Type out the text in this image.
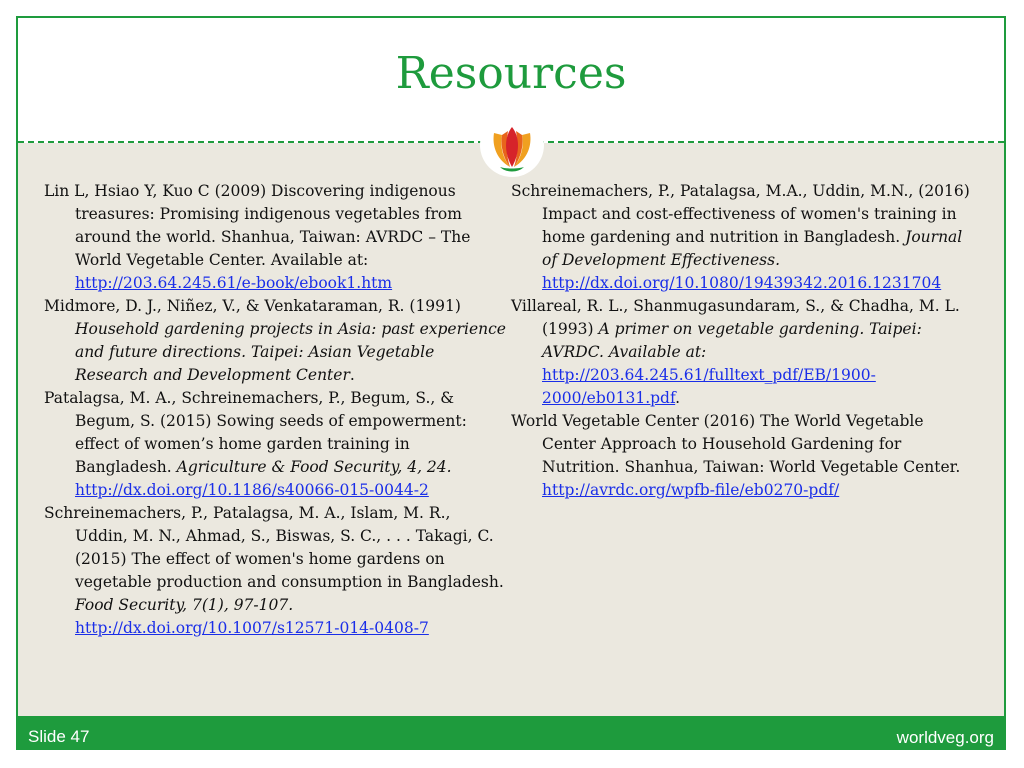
Resources

Lin L, Hsiao Y, Kuo C (2009) Discovering indigenous treasures: Promising indigenous vegetables from around the world. Shanhua, Taiwan: AVRDC – The World Vegetable Center. Available at: http://203.64.245.61/e-book/ebook1.htm

Midmore, D. J., Niñez, V., & Venkataraman, R. (1991) Household gardening projects in Asia: past experience and future directions. Taipei: Asian Vegetable Research and Development Center.

Patalagsa, M. A., Schreinemachers, P., Begum, S., & Begum, S. (2015) Sowing seeds of empowerment: effect of women’s home garden training in Bangladesh. Agriculture & Food Security, 4, 24. http://dx.doi.org/10.1186/s40066-015-0044-2

Schreinemachers, P., Patalagsa, M. A., Islam, M. R., Uddin, M. N., Ahmad, S., Biswas, S. C., . . . Takagi, C. (2015) The effect of women's home gardens on vegetable production and consumption in Bangladesh. Food Security, 7(1), 97-107. http://dx.doi.org/10.1007/s12571-014-0408-7

Schreinemachers, P., Patalagsa, M.A., Uddin, M.N., (2016) Impact and cost-effectiveness of women's training in home gardening and nutrition in Bangladesh. Journal of Development Effectiveness. http://dx.doi.org/10.1080/19439342.2016.1231704

Villareal, R. L., Shanmugasundaram, S., & Chadha, M. L. (1993) A primer on vegetable gardening. Taipei: AVRDC. Available at: http://203.64.245.61/fulltext_pdf/EB/1900-2000/eb0131.pdf.

World Vegetable Center (2016) The World Vegetable Center Approach to Household Gardening for Nutrition. Shanhua, Taiwan: World Vegetable Center. http://avrdc.org/wpfb-file/eb0270-pdf/

Slide 47	worldveg.org
